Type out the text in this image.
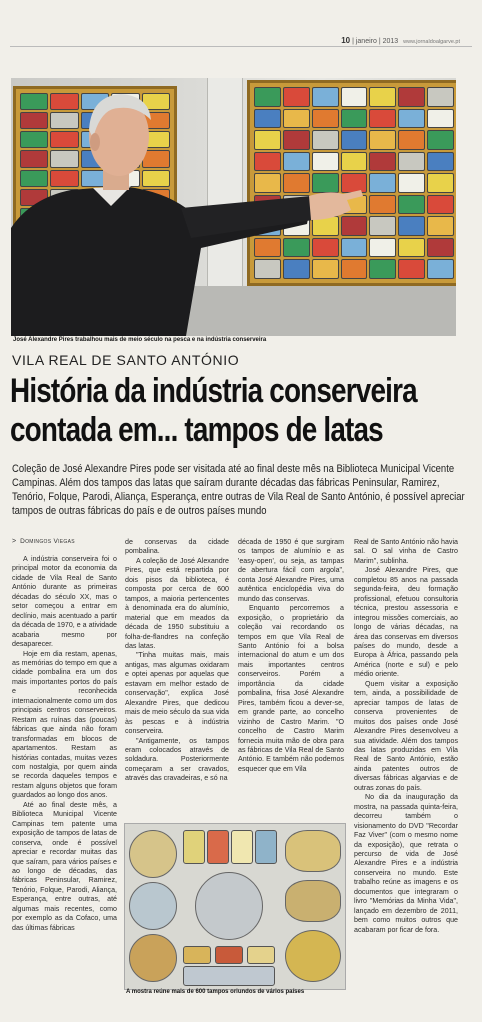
10 | janeiro | 2013 www.jornaldoalgarve.pt
José Alexandre Pires trabalhou mais de meio século na pesca e na indústria conserveira
VILA REAL DE SANTO ANTÓNIO
História da indústria conserveira
contada em... tampos de latas
Coleção de José Alexandre Pires pode ser visitada até ao final deste mês na Biblioteca Municipal Vicente Campinas. Além dos tampos das latas que saíram durante décadas das fábricas Peninsular, Ramirez, Tenório, Folque, Parodi, Aliança, Esperança, entre outras de Vila Real de Santo António, é possível apreciar tampos de outras fábricas do país e de outros países mundo
> Domingos Viegas

A indústria conserveira foi o principal motor da economia da cidade de Vila Real de Santo António durante as primeiras décadas do século XX, mas o setor começou a entrar em declínio, mais acentuado a partir da década de 1970, e a atividade acabaria mesmo por desaparecer.

Hoje em dia restam, apenas, as memórias do tempo em que a cidade pombalina era um dos mais importantes portos do país e reconhecida internacionalmente como um dos principais centros conserveiros. Restam as ruínas das (poucas) fábricas que ainda não foram transformadas em blocos de apartamentos. Restam as histórias contadas, muitas vezes com nostalgia, por quem ainda se recorda daqueles tempos e restam alguns objetos que foram guardados ao longo dos anos.

Até ao final deste mês, a Biblioteca Municipal Vicente Campinas tem patente uma exposição de tampos de latas de conserva, onde é possível apreciar e recordar muitas das que saíram, para vários países e ao longo de décadas, das fábricas Peninsular, Ramirez, Tenório, Folque, Parodi, Aliança, Esperança, entre outras, até algumas mais recentes, como por exemplo as da Cofaco, uma das últimas fábricas

de conservas da cidade pombalina.

A coleção de José Alexandre Pires, que está repartida por dois pisos da biblioteca, é composta por cerca de 600 tampos, a maioria pertencentes à denominada era do alumínio, material que em meados da década de 1950 substituiu a folha-de-flandres na confeção das latas.

"Tinha muitas mais, mais antigas, mas algumas oxidaram e optei apenas por aquelas que estavam em melhor estado de conservação", explica José Alexandre Pires, que dedicou mais de meio século da sua vida às pescas e à indústria conserveira.

"Antigamente, os tampos eram colocados através de soldadura. Posteriormente começaram a ser cravados, através das cravadeiras, e só na

década de 1950 é que surgiram os tampos de alumínio e as 'easy-open', ou seja, as tampas de abertura fácil com argola", conta José Alexandre Pires, uma autêntica enciclopédia viva do mundo das conservas.

Enquanto percorremos a exposição, o proprietário da coleção vai recordando os tempos em que Vila Real de Santo António foi a bolsa internacional do atum e um dos mais importantes centros conserveiros. Porém a importância da cidade pombalina, frisa José Alexandre Pires, também ficou a dever-se, em grande parte, ao concelho vizinho de Castro Marim. "O concelho de Castro Marim fornecia muita mão de obra para as fábricas de Vila Real de Santo António. E também não podemos esquecer que em Vila

Real de Santo António não havia sal. O sal vinha de Castro Marim", sublinha.

José Alexandre Pires, que completou 85 anos na passada segunda-feira, deu formação profissional, efetuou consultoria técnica, prestou assessoria e integrou missões comerciais, ao longo de várias décadas, na área das conservas em diversos países do mundo, desde a Europa à África, passando pela América (norte e sul) e pelo médio oriente.

Quem visitar a exposição tem, ainda, a possibilidade de apreciar tampos de latas de conserva provenientes de muitos dos países onde José Alexandre Pires desenvolveu a sua atividade. Além dos tampos das latas produzidas em Vila Real de Santo António, estão ainda patentes outros de diversas fábricas algarvias e de outras zonas do país.

No dia da inauguração da mostra, na passada quinta-feira, decorreu também o visionamento do DVD "Recordar Faz Viver" (com o mesmo nome da exposição), que retrata o percurso de vida de José Alexandre Pires e a indústria conserveira no mundo. Este trabalho reúne as imagens e os documentos que integraram o livro "Memórias da Minha Vida", lançado em dezembro de 2011, bem como muitos outros que acabaram por ficar de fora.

A mostra reúne mais de 600 tampos oriundos de vários países
